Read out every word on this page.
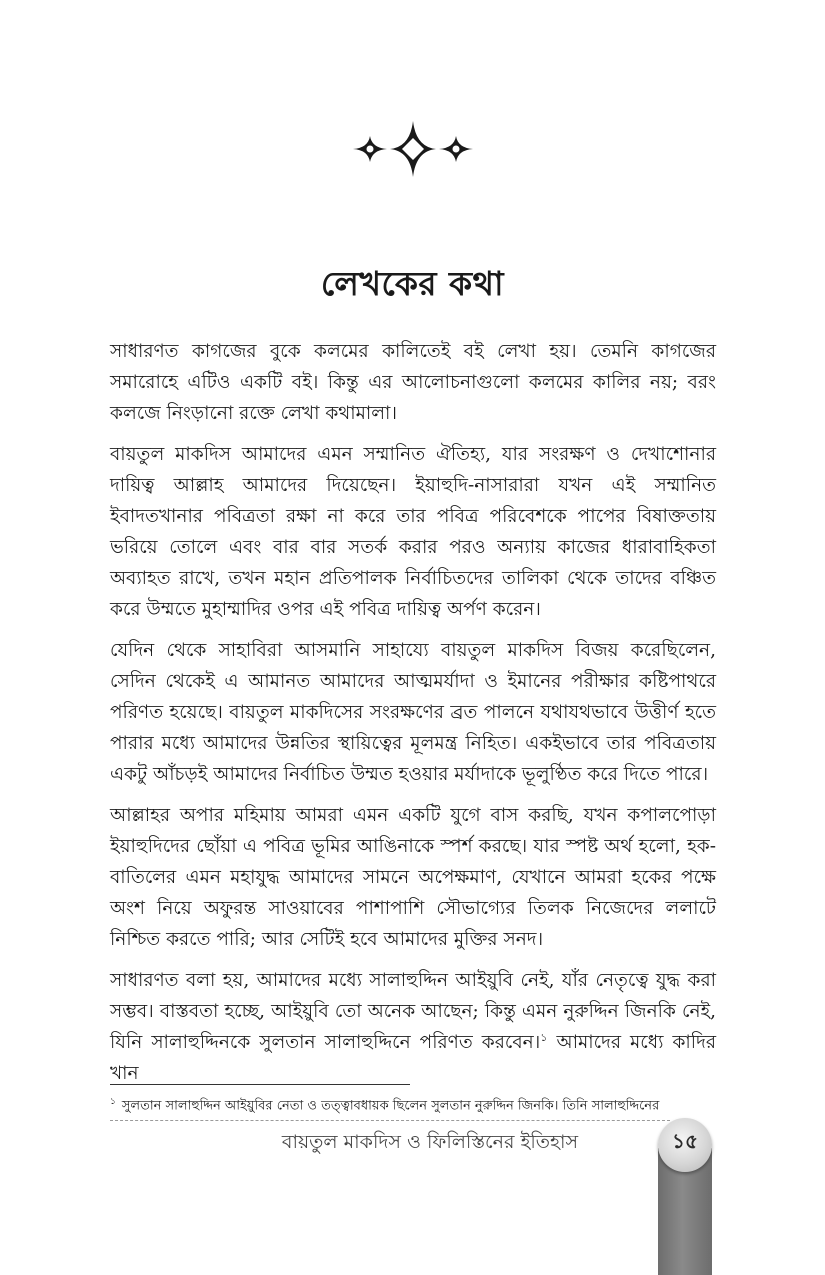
লেখকের কথা

সাধারণত কাগজের বুকে কলমের কালিতেই বই লেখা হয়। তেমনি কাগজের সমারোহে এটিও একটি বই। কিন্তু এর আলোচনাগুলো কলমের কালির নয়; বরং কলজে নিংড়ানো রক্তে লেখা কথামালা।

বায়তুল মাকদিস আমাদের এমন সম্মানিত ঐতিহ্য, যার সংরক্ষণ ও দেখাশোনার দায়িত্ব আল্লাহ আমাদের দিয়েছেন। ইয়াহুদি-নাসারারা যখন এই সম্মানিত ইবাদতখানার পবিত্রতা রক্ষা না করে তার পবিত্র পরিবেশকে পাপের বিষাক্ততায় ভরিয়ে তোলে এবং বার বার সতর্ক করার পরও অন্যায় কাজের ধারাবাহিকতা অব্যাহত রাখে, তখন মহান প্রতিপালক নির্বাচিতদের তালিকা থেকে তাদের বঞ্চিত করে উম্মতে মুহাম্মাদির ওপর এই পবিত্র দায়িত্ব অর্পণ করেন।

যেদিন থেকে সাহাবিরা আসমানি সাহায্যে বায়তুল মাকদিস বিজয় করেছিলেন, সেদিন থেকেই এ আমানত আমাদের আত্মমর্যাদা ও ইমানের পরীক্ষার কষ্টিপাথরে পরিণত হয়েছে। বায়তুল মাকদিসের সংরক্ষণের ব্রত পালনে যথাযথভাবে উত্তীর্ণ হতে পারার মধ্যে আমাদের উন্নতির স্থায়িত্বের মূলমন্ত্র নিহিত। একইভাবে তার পবিত্রতায় একটু আঁচড়ই আমাদের নির্বাচিত উম্মত হওয়ার মর্যাদাকে ভূলুণ্ঠিত করে দিতে পারে।

আল্লাহর অপার মহিমায় আমরা এমন একটি যুগে বাস করছি, যখন কপালপোড়া ইয়াহুদিদের ছোঁয়া এ পবিত্র ভূমির আঙিনাকে স্পর্শ করছে। যার স্পষ্ট অর্থ হলো, হক-বাতিলের এমন মহাযুদ্ধ আমাদের সামনে অপেক্ষমাণ, যেখানে আমরা হকের পক্ষে অংশ নিয়ে অফুরন্ত সাওয়াবের পাশাপাশি সৌভাগ্যের তিলক নিজেদের ললাটে নিশ্চিত করতে পারি; আর সেটিই হবে আমাদের মুক্তির সনদ।

সাধারণত বলা হয়, আমাদের মধ্যে সালাহুদ্দিন আইয়ুবি নেই, যাঁর নেতৃত্বে যুদ্ধ করা সম্ভব। বাস্তবতা হচ্ছে, আইয়ুবি তো অনেক আছেন; কিন্তু এমন নুরুদ্দিন জিনকি নেই, যিনি সালাহুদ্দিনকে সুলতান সালাহুদ্দিনে পরিণত করবেন।$^১$ আমাদের মধ্যে কাদির খান

$^১$ সুলতান সালাহুদ্দিন আইয়ুবির নেতা ও তত্ত্বাবধায়ক ছিলেন সুলতান নুরুদ্দিন জিনকি। তিনি সালাহুদ্দিনের
বায়তুল মাকদিস ও ফিলিস্তিনের ইতিহাস	১৫
